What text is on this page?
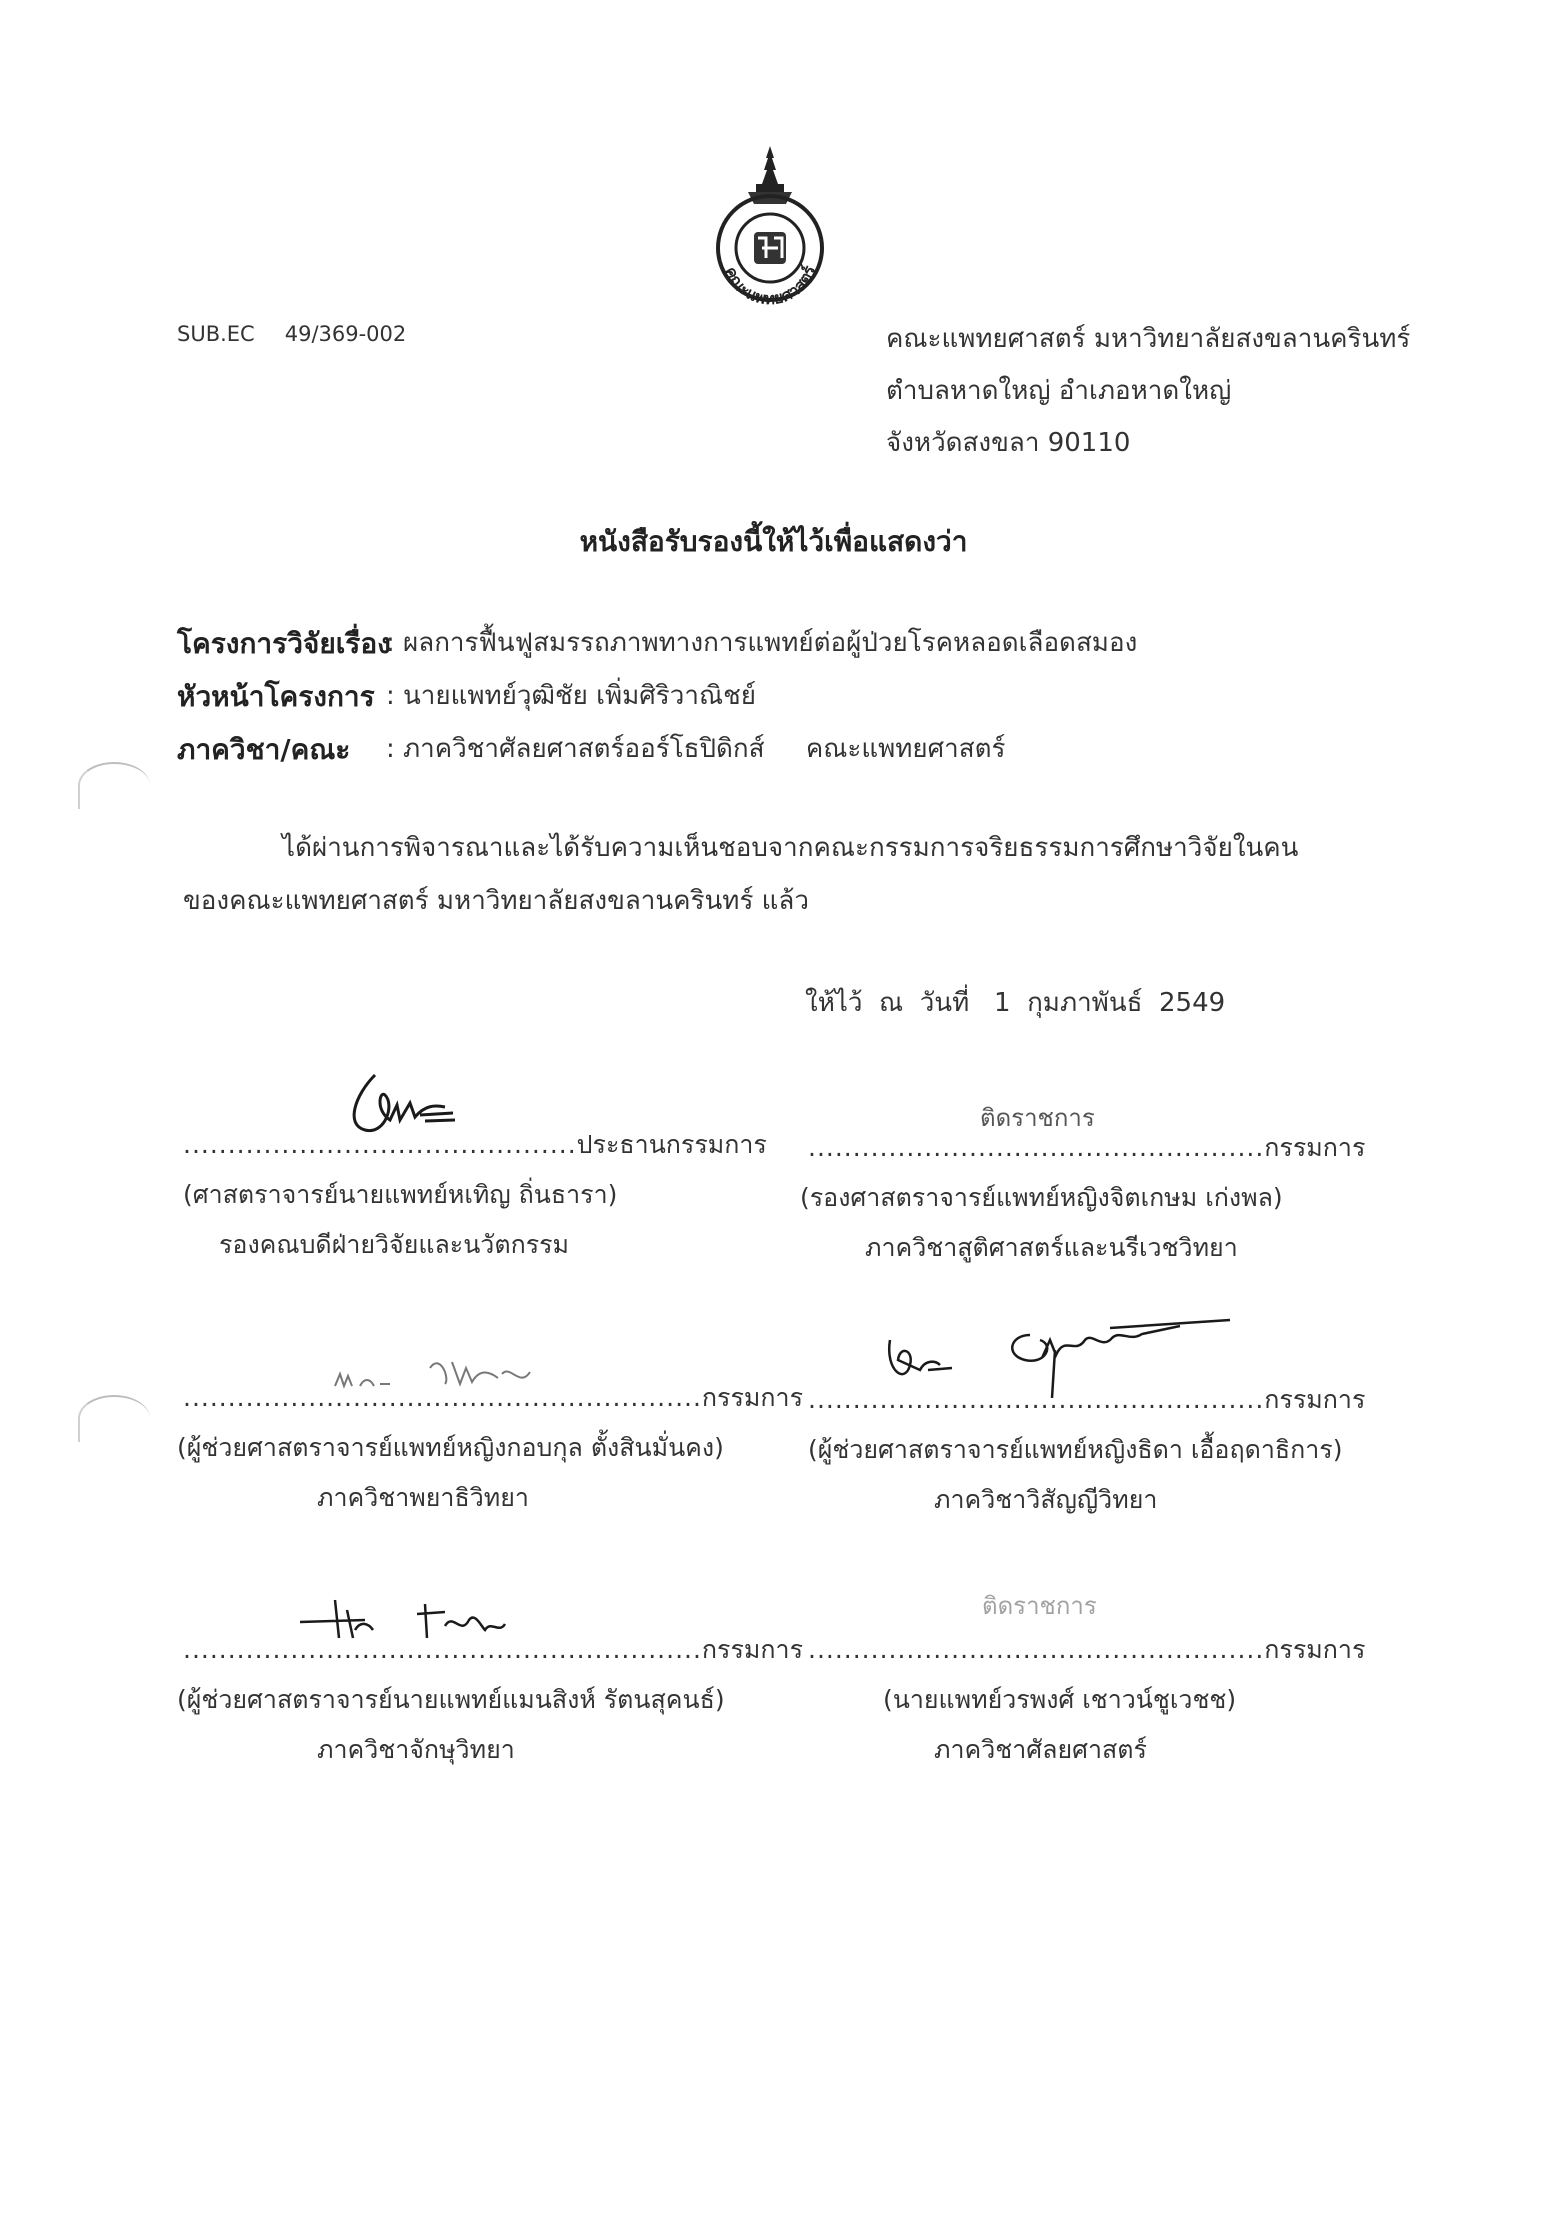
คณะแพทยศาสตร์
SUB.EC 49/369-002	คณะแพทยศาสตร์ มหาวิทยาลัยสงขลานครินทร์
ตำบลหาดใหญ่ อำเภอหาดใหญ่
จังหวัดสงขลา 90110
หนังสือรับรองนี้ให้ไว้เพื่อแสดงว่า
โครงการวิจัยเรื่อง
: ผลการฟื้นฟูสมรรถภาพทางการแพทย์ต่อผู้ป่วยโรคหลอดเลือดสมอง
หัวหน้าโครงการ : นายแพทย์วุฒิชัย เพิ่มศิริวาณิชย์
ภาควิชา/คณะ : ภาควิชาศัลยศาสตร์ออร์โธปิดิกส์     คณะแพทยศาสตร์
ได้ผ่านการพิจารณาและได้รับความเห็นชอบจากคณะกรรมการจริยธรรมการศึกษาวิจัยในคน
ของคณะแพทยศาสตร์ มหาวิทยาลัยสงขลานครินทร์ แล้ว
ให้ไว้  ณ  วันที่   1  กุมภาพันธ์  2549
............................................ประธานกรรมการ
(ศาสตราจารย์นายแพทย์หเทิญ ถิ่นธารา)
รองคณบดีฝ่ายวิจัยและนวัตกรรม
ติดราชการ
...................................................กรรมการ
(รองศาสตราจารย์แพทย์หญิงจิตเกษม เก่งพล)
ภาควิชาสูติศาสตร์และนรีเวชวิทยา
..........................................................กรรมการ
(ผู้ช่วยศาสตราจารย์แพทย์หญิงกอบกุล ตั้งสินมั่นคง)
ภาควิชาพยาธิวิทยา
...................................................กรรมการ
(ผู้ช่วยศาสตราจารย์แพทย์หญิงธิดา เอื้อฤดาธิการ)
ภาควิชาวิสัญญีวิทยา
..........................................................กรรมการ
(ผู้ช่วยศาสตราจารย์นายแพทย์แมนสิงห์ รัตนสุคนธ์)
ภาควิชาจักษุวิทยา
ติดราชการ
...................................................กรรมการ
(นายแพทย์วรพงศ์ เชาวน์ชูเวชช)
ภาควิชาศัลยศาสตร์
